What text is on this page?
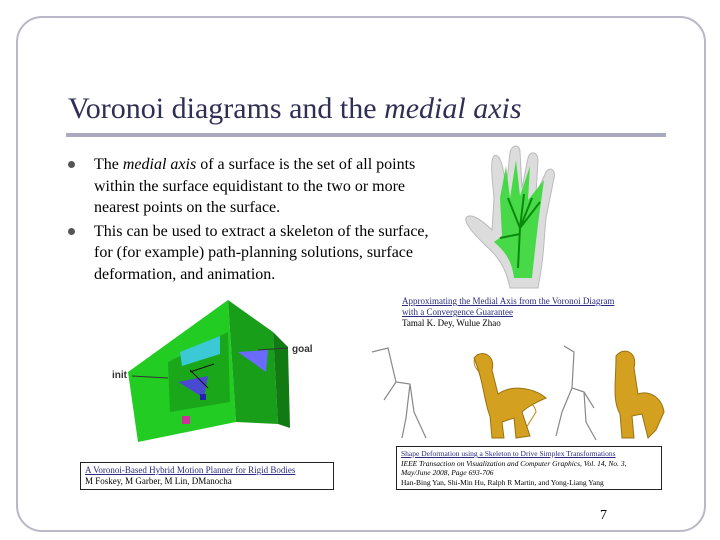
Voronoi diagrams and the medial axis
The medial axis of a surface is the set of all points within the surface equidistant to the two or more nearest points on the surface.
This can be used to extract a skeleton of the surface, for (for example) path-planning solutions, surface deformation, and animation.
Approximating the Medial Axis from the Voronoi Diagram with a Convergence Guarantee
Tamal K. Dey, Wulue Zhao
goal
init
A Voronoi-Based Hybrid Motion Planner for Rigid Bodies
M Foskey, M Garber, M Lin, DManocha
Shape Deformation using a Skeleton to Drive Simplex Transformations
IEEE Transaction on Visualization and Computer Graphics, Vol. 14, No. 3, May/June 2008, Page 693-706
Han-Bing Yan, Shi-Min Hu, Ralph R Martin, and Yong-Liang Yang
7
